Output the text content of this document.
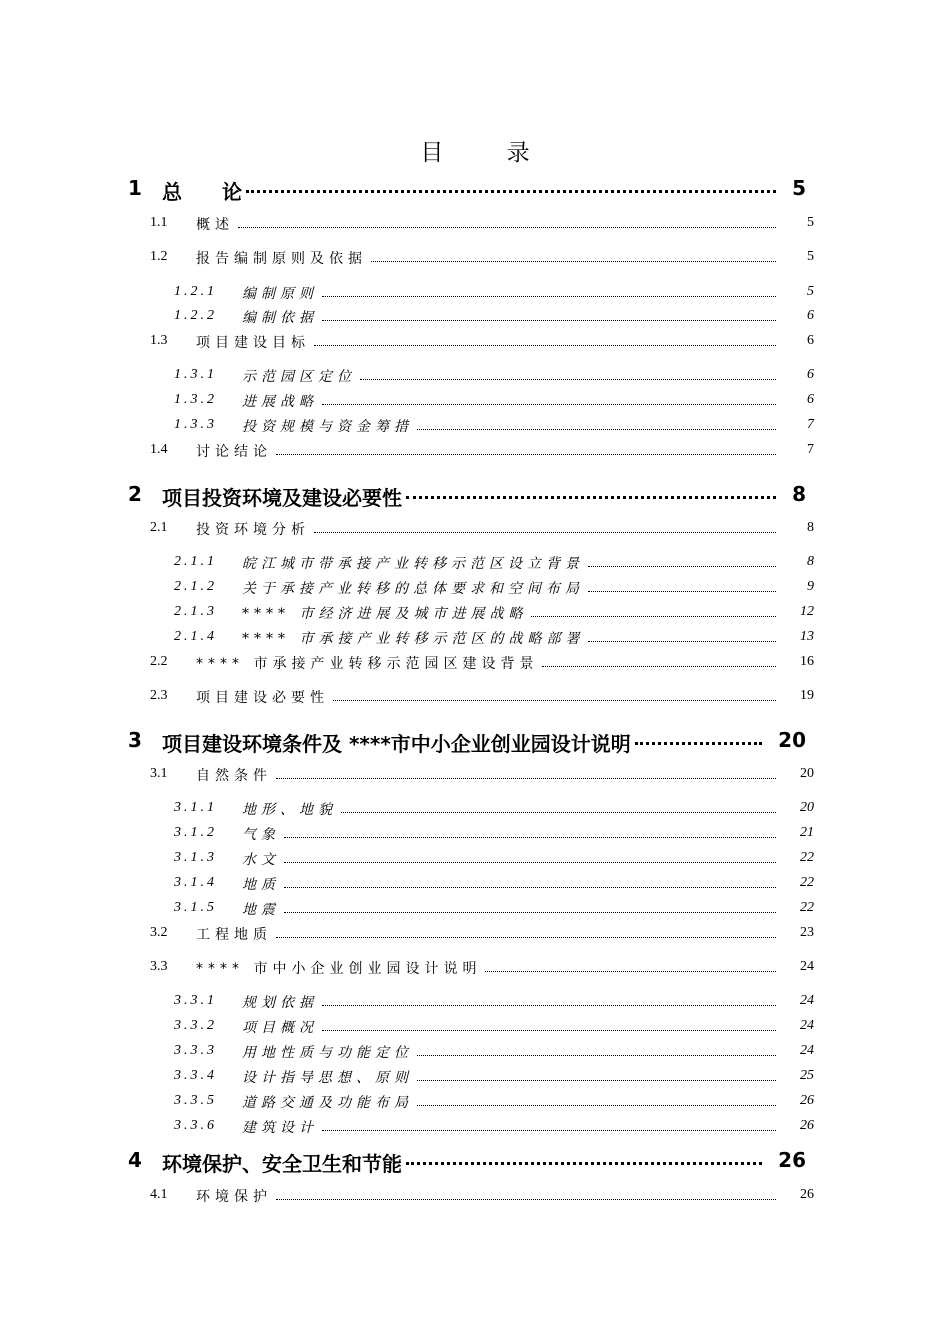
目 录
1 总　　论	5
1.1 概述	5
1.2 报告编制原则及依据	5
1.2.1 编制原则	5
1.2.2 编制依据	6
1.3 项目建设目标	6
1.3.1 示范园区定位	6
1.3.2 进展战略	6
1.3.3 投资规模与资金筹措	7
1.4 讨论结论	7
2 项目投资环境及建设必要性	8
2.1 投资环境分析	8
2.1.1 皖江城市带承接产业转移示范区设立背景	8
2.1.2 关于承接产业转移的总体要求和空间布局	9
2.1.3 **** 市经济进展及城市进展战略	12
2.1.4 **** 市承接产业转移示范区的战略部署	13
2.2 **** 市承接产业转移示范园区建设背景	16
2.3 项目建设必要性	19
3 项目建设环境条件及 ****市中小企业创业园设计说明	20
3.1 自然条件	20
3.1.1 地形、地貌	20
3.1.2 气象	21
3.1.3 水文	22
3.1.4 地质	22
3.1.5 地震	22
3.2 工程地质	23
3.3 **** 市中小企业创业园设计说明	24
3.3.1 规划依据	24
3.3.2 项目概况	24
3.3.3 用地性质与功能定位	24
3.3.4 设计指导思想、原则	25
3.3.5 道路交通及功能布局	26
3.3.6 建筑设计	26
4 环境保护、安全卫生和节能	26
4.1 环境保护	26
